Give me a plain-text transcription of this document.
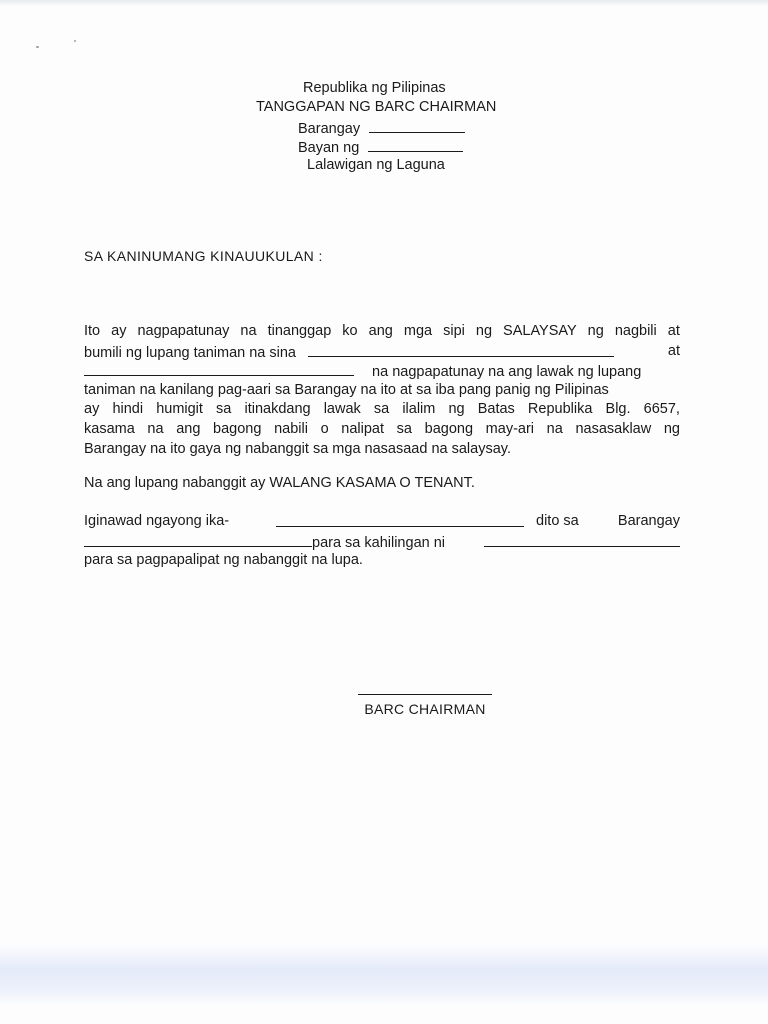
Republika ng Pilipinas
TANGGAPAN NG BARC CHAIRMAN
Barangay
Bayan ng
Lalawigan ng Laguna
SA KANINUMANG KINAUUKULAN :
Ito ay nagpapatunay na tinanggap ko ang mga sipi ng SALAYSAY ng nagbili at
bumili ng lupang taniman na sina	at
na nagpapatunay na ang lawak ng lupang
taniman na kanilang pag-aari sa Barangay na ito at sa iba pang panig ng Pilipinas
ay hindi humigit sa itinakdang lawak sa ilalim ng Batas Republika Blg. 6657,
kasama na ang bagong nabili o nalipat sa bagong may-ari na nasasaklaw ng
Barangay na ito gaya ng nabanggit sa mga nasasaad na salaysay.
Na ang lupang nabanggit ay WALANG KASAMA O TENANT.
Iginawad ngayong ika-	dito sa	Barangay
para sa kahilingan ni
para sa pagpapalipat ng nabanggit na lupa.
BARC CHAIRMAN
